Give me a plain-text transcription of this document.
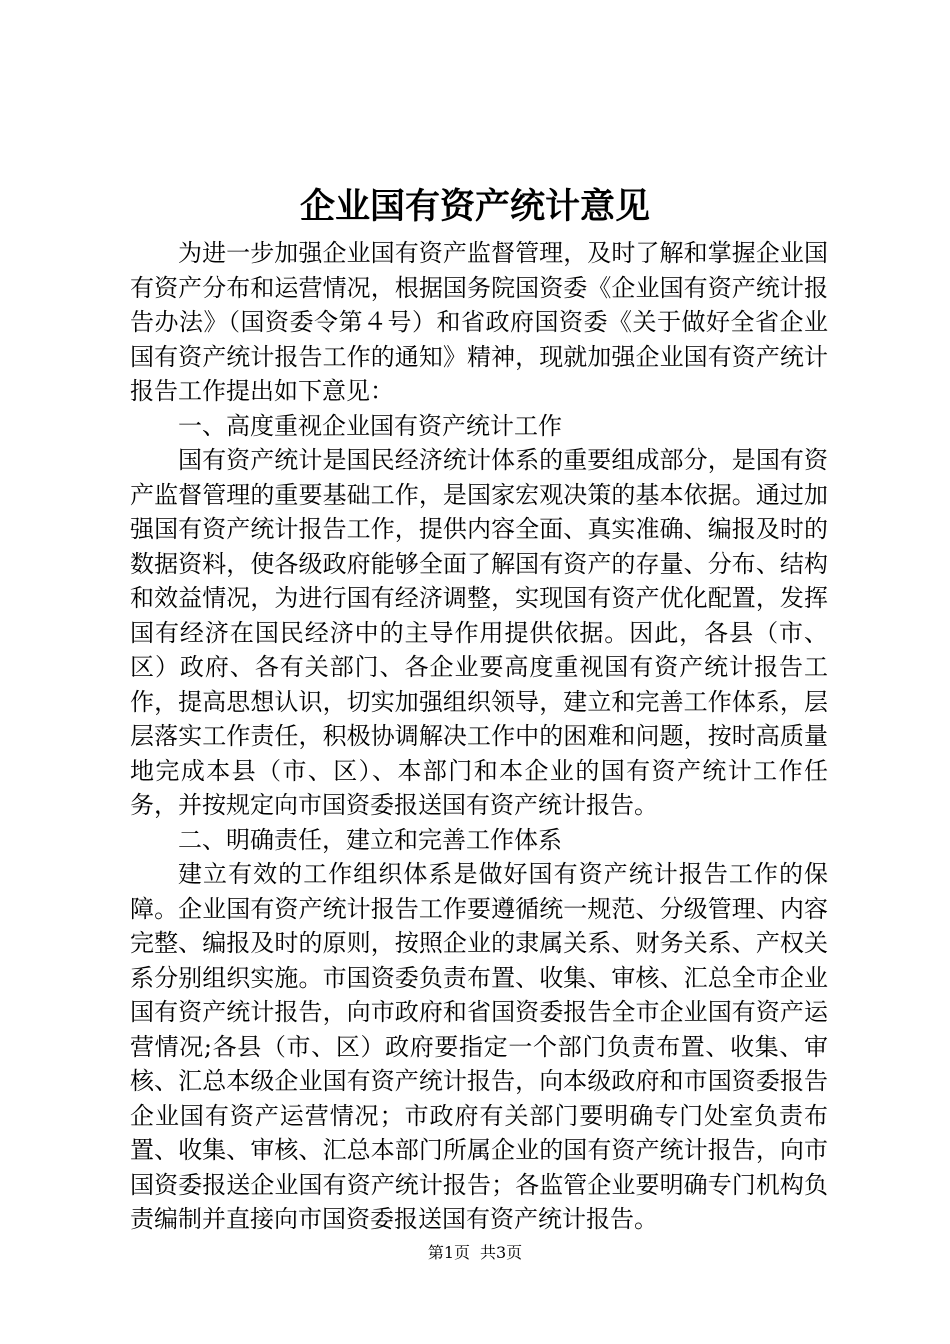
企业国有资产统计意见

为进一步加强企业国有资产监督管理，及时了解和掌握企业国有资产分布和运营情况，根据国务院国资委《企业国有资产统计报告办法》（国资委令第４号）和省政府国资委《关于做好全省企业国有资产统计报告工作的通知》精神，现就加强企业国有资产统计报告工作提出如下意见：

一、高度重视企业国有资产统计工作

国有资产统计是国民经济统计体系的重要组成部分，是国有资产监督管理的重要基础工作，是国家宏观决策的基本依据。通过加强国有资产统计报告工作，提供内容全面、真实准确、编报及时的数据资料，使各级政府能够全面了解国有资产的存量、分布、结构和效益情况，为进行国有经济调整，实现国有资产优化配置，发挥国有经济在国民经济中的主导作用提供依据。因此，各县（市、区）政府、各有关部门、各企业要高度重视国有资产统计报告工作，提高思想认识，切实加强组织领导，建立和完善工作体系，层层落实工作责任，积极协调解决工作中的困难和问题，按时高质量地完成本县（市、区）、本部门和本企业的国有资产统计工作任务，并按规定向市国资委报送国有资产统计报告。

二、明确责任，建立和完善工作体系

建立有效的工作组织体系是做好国有资产统计报告工作的保障。企业国有资产统计报告工作要遵循统一规范、分级管理、内容完整、编报及时的原则，按照企业的隶属关系、财务关系、产权关系分别组织实施。市国资委负责布置、收集、审核、汇总全市企业国有资产统计报告，向市政府和省国资委报告全市企业国有资产运营情况;各县（市、区）政府要指定一个部门负责布置、收集、审核、汇总本级企业国有资产统计报告，向本级政府和市国资委报告企业国有资产运营情况；市政府有关部门要明确专门处室负责布置、收集、审核、汇总本部门所属企业的国有资产统计报告，向市国资委报送企业国有资产统计报告；各监管企业要明确专门机构负责编制并直接向市国资委报送国有资产统计报告。

第1页 共3页
